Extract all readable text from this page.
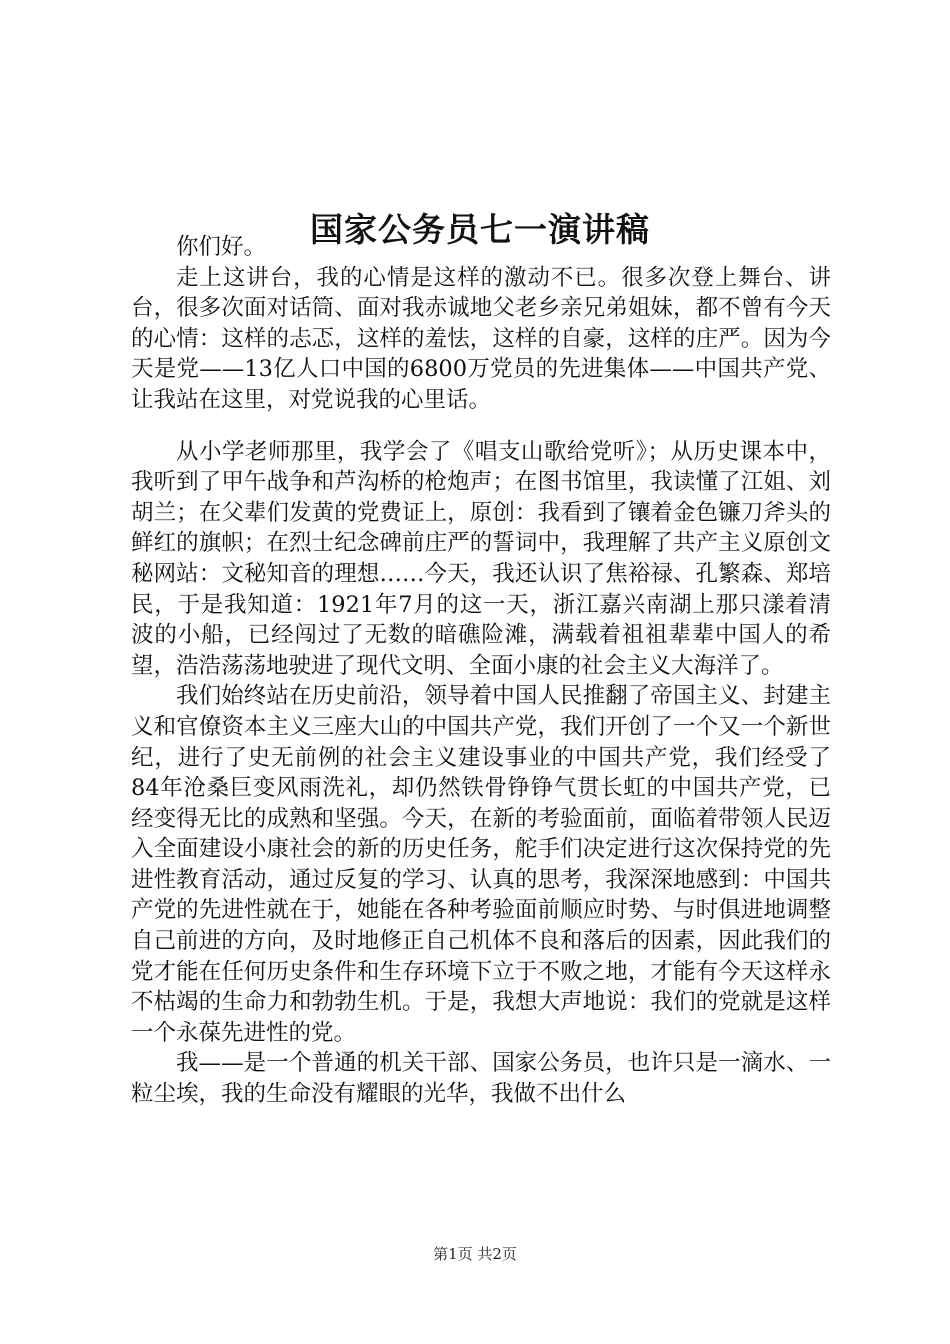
国家公务员七一演讲稿

你们好。

走上这讲台，我的心情是这样的激动不已。很多次登上舞台、讲台，很多次面对话筒、面对我赤诚地父老乡亲兄弟姐妹，都不曾有今天的心情：这样的忐忑，这样的羞怯，这样的自豪，这样的庄严。因为今天是党——13亿人口中国的6800万党员的先进集体——中国共产党、让我站在这里，对党说我的心里话。

从小学老师那里，我学会了《唱支山歌给党听》；从历史课本中，我听到了甲午战争和芦沟桥的枪炮声；在图书馆里，我读懂了江姐、刘胡兰；在父辈们发黄的党费证上，原创：我看到了镶着金色镰刀斧头的鲜红的旗帜；在烈士纪念碑前庄严的誓词中，我理解了共产主义原创文秘网站：文秘知音的理想……今天，我还认识了焦裕禄、孔繁森、郑培民，于是我知道：1921年7月的这一天，浙江嘉兴南湖上那只漾着清波的小船，已经闯过了无数的暗礁险滩，满载着祖祖辈辈中国人的希望，浩浩荡荡地驶进了现代文明、全面小康的社会主义大海洋了。

我们始终站在历史前沿，领导着中国人民推翻了帝国主义、封建主义和官僚资本主义三座大山的中国共产党，我们开创了一个又一个新世纪，进行了史无前例的社会主义建设事业的中国共产党，我们经受了84年沧桑巨变风雨洗礼，却仍然铁骨铮铮气贯长虹的中国共产党，已经变得无比的成熟和坚强。今天，在新的考验面前，面临着带领人民迈入全面建设小康社会的新的历史任务，舵手们决定进行这次保持党的先进性教育活动，通过反复的学习、认真的思考，我深深地感到：中国共产党的先进性就在于，她能在各种考验面前顺应时势、与时俱进地调整自己前进的方向，及时地修正自己机体不良和落后的因素，因此我们的党才能在任何历史条件和生存环境下立于不败之地，才能有今天这样永不枯竭的生命力和勃勃生机。于是，我想大声地说：我们的党就是这样一个永葆先进性的党。

我——是一个普通的机关干部、国家公务员，也许只是一滴水、一粒尘埃，我的生命没有耀眼的光华，我做不出什么

第1页 共2页
